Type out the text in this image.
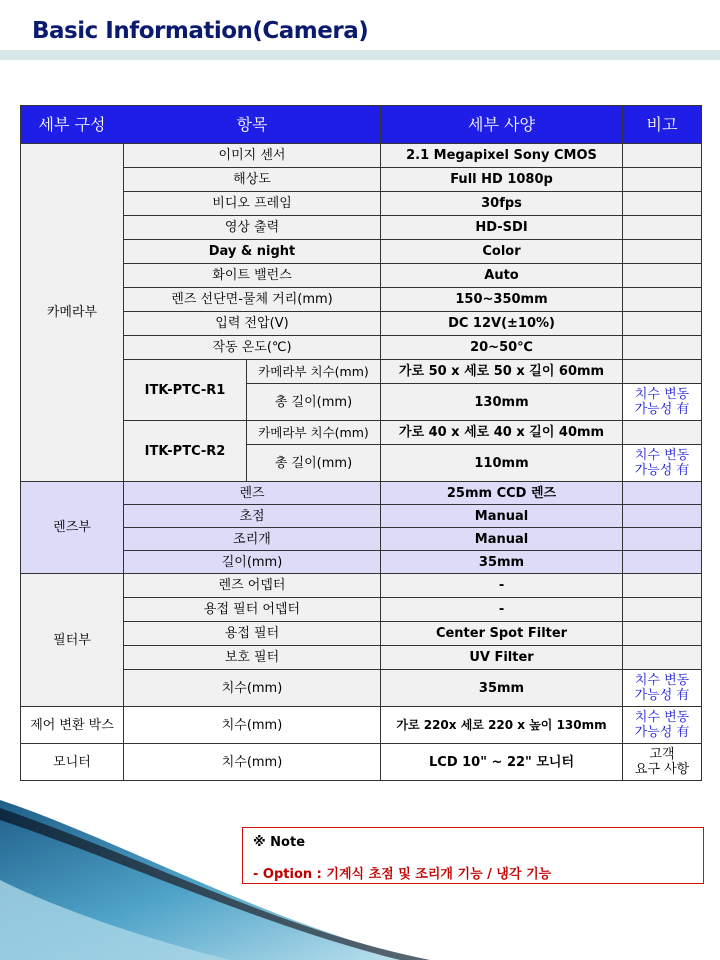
Basic Information(Camera)
세부 구성	항목		세부 사양	비고
카메라부	이미지 센서		2.1 Megapixel Sony CMOS	
	해상도		Full HD 1080p	
	비디오 프레임		30fps	
	영상 출력		HD-SDI	
	Day & night		Color	
	화이트 밸런스		Auto	
	렌즈 선단면-물체 거리(mm)		150~350mm	
	입력 전압(V)		DC 12V(±10%)	
	작동 온도(℃)		20~50℃	
	ITK-PTC-R1	카메라부 치수(mm)	가로 50 x 세로 50 x 길이 60mm	
		총 길이(mm)	130mm	치수 변동
가능성 有
	ITK-PTC-R2	카메라부 치수(mm)	가로 40 x 세로 40 x 길이 40mm	
		총 길이(mm)	110mm	치수 변동
가능성 有
렌즈부	렌즈		25mm CCD 렌즈	
	초점		Manual	
	조리개		Manual	
	길이(mm)		35mm	
필터부	렌즈 어뎁터		-	
	용접 필터 어뎁터		-	
	용접 필터		Center Spot Filter	
	보호 필터		UV Filter	
	치수(mm)		35mm	치수 변동
가능성 有
제어 변환 박스	치수(mm)		가로 220x 세로 220 x 높이 130mm	치수 변동
가능성 有
모니터	치수(mm)		LCD 10" ~ 22" 모니터	고객
요구 사항
※ Note
- Option : 기계식 초점 및 조리개 기능 / 냉각 기능
